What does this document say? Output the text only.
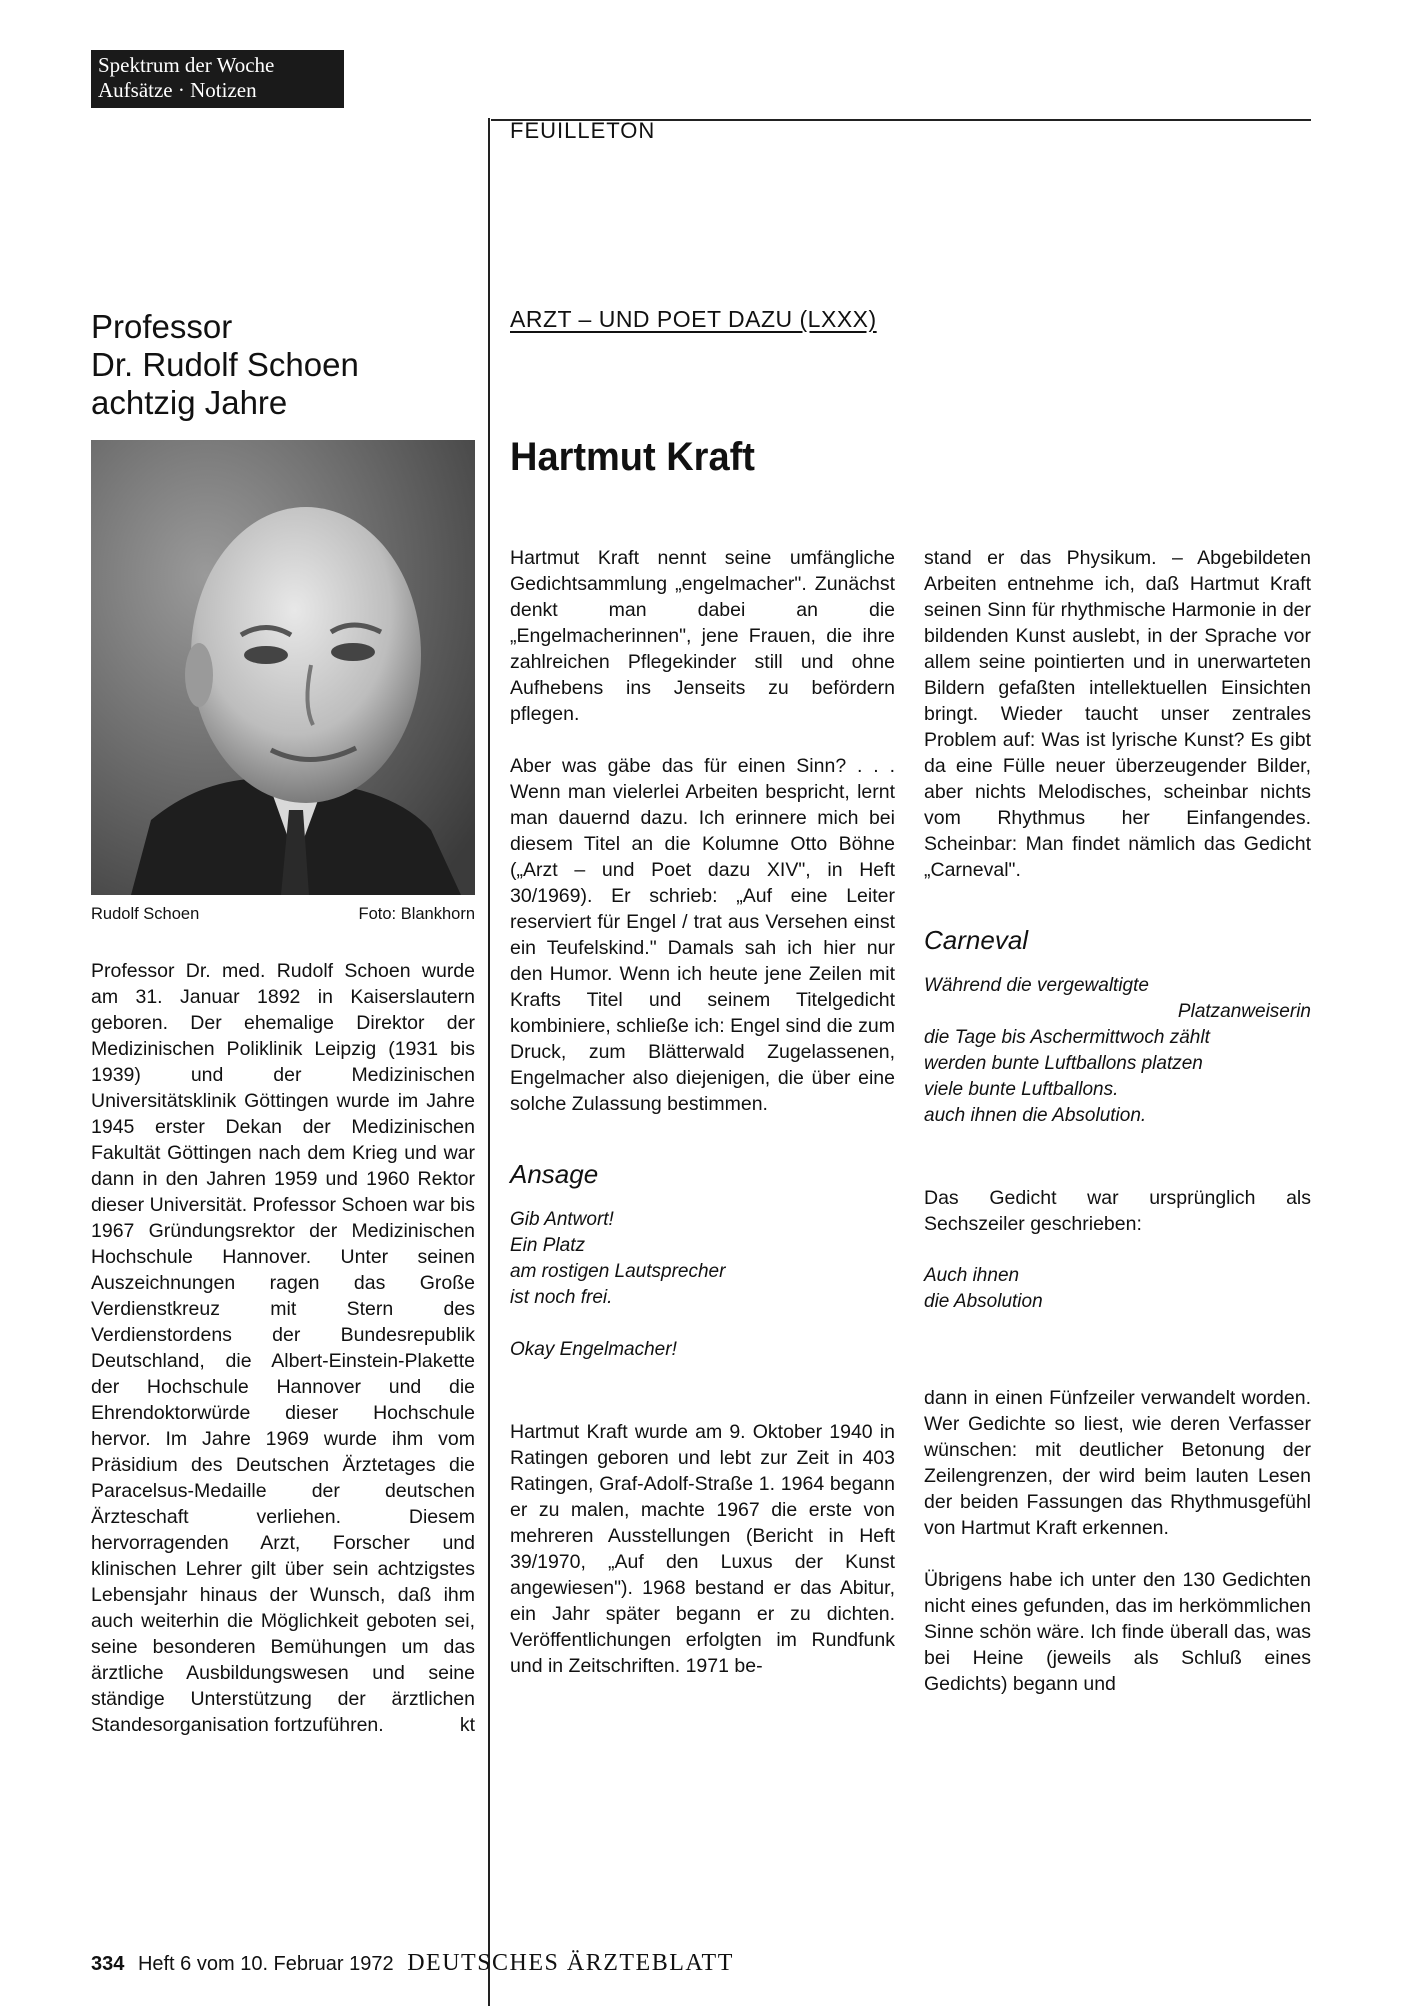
Spektrum der Woche
Aufsätze · Notizen
FEUILLETON
Professor
Dr. Rudolf Schoen
achtzig Jahre
Rudolf Schoen	Foto: Blankhorn

Professor Dr. med. Rudolf Schoen wurde am 31. Januar 1892 in Kaiserslautern geboren. Der ehemalige Direktor der Medizinischen Poliklinik Leipzig (1931 bis 1939) und der Medizinischen Universitätsklinik Göttingen wurde im Jahre 1945 erster Dekan der Medizinischen Fakultät Göttingen nach dem Krieg und war dann in den Jahren 1959 und 1960 Rektor dieser Universität. Professor Schoen war bis 1967 Gründungsrektor der Medizinischen Hochschule Hannover. Unter seinen Auszeichnungen ragen das Große Verdienstkreuz mit Stern des Verdienstordens der Bundesrepublik Deutschland, die Albert-Einstein-Plakette der Hochschule Hannover und die Ehrendoktorwürde dieser Hochschule hervor. Im Jahre 1969 wurde ihm vom Präsidium des Deutschen Ärztetages die Paracelsus-Medaille der deutschen Ärzteschaft verliehen. Diesem hervorragenden Arzt, Forscher und klinischen Lehrer gilt über sein achtzigstes Lebensjahr hinaus der Wunsch, daß ihm auch weiterhin die Möglichkeit geboten sei, seine besonderen Bemühungen um das ärztliche Ausbildungswesen und seine ständige Unterstützung der ärztlichen Standesorganisation fortzuführen.	kt

ARZT – UND POET DAZU (LXXX)
Hartmut Kraft

Hartmut Kraft nennt seine umfängliche Gedichtsammlung „engelmacher". Zunächst denkt man dabei an die „Engelmacherinnen", jene Frauen, die ihre zahlreichen Pflegekinder still und ohne Aufhebens ins Jenseits zu befördern pflegen.

Aber was gäbe das für einen Sinn? . . . Wenn man vielerlei Arbeiten bespricht, lernt man dauernd dazu. Ich erinnere mich bei diesem Titel an die Kolumne Otto Böhne („Arzt – und Poet dazu XIV", in Heft 30/1969). Er schrieb: „Auf eine Leiter reserviert für Engel / trat aus Versehen einst ein Teufelskind." Damals sah ich hier nur den Humor. Wenn ich heute jene Zeilen mit Krafts Titel und seinem Titelgedicht kombiniere, schließe ich: Engel sind die zum Druck, zum Blätterwald Zugelassenen, Engelmacher also diejenigen, die über eine solche Zulassung bestimmen.

Ansage
Gib Antwort!
Ein Platz
am rostigen Lautsprecher
ist noch frei.
Okay Engelmacher!

Hartmut Kraft wurde am 9. Oktober 1940 in Ratingen geboren und lebt zur Zeit in 403 Ratingen, Graf-Adolf-Straße 1. 1964 begann er zu malen, machte 1967 die erste von mehreren Ausstellungen (Bericht in Heft 39/1970, „Auf den Luxus der Kunst angewiesen"). 1968 bestand er das Abitur, ein Jahr später begann er zu dichten. Veröffentlichungen erfolgten im Rundfunk und in Zeitschriften. 1971 be-

stand er das Physikum. – Abgebildeten Arbeiten entnehme ich, daß Hartmut Kraft seinen Sinn für rhythmische Harmonie in der bildenden Kunst auslebt, in der Sprache vor allem seine pointierten und in unerwarteten Bildern gefaßten intellektuellen Einsichten bringt. Wieder taucht unser zentrales Problem auf: Was ist lyrische Kunst? Es gibt da eine Fülle neuer überzeugender Bilder, aber nichts Melodisches, scheinbar nichts vom Rhythmus her Einfangendes. Scheinbar: Man findet nämlich das Gedicht „Carneval".

Carneval
Während die vergewaltigte
Platzanweiserin
die Tage bis Aschermittwoch zählt
werden bunte Luftballons platzen
viele bunte Luftballons.
auch ihnen die Absolution.

Das Gedicht war ursprünglich als Sechszeiler geschrieben:

Auch ihnen
die Absolution

dann in einen Fünfzeiler verwandelt worden. Wer Gedichte so liest, wie deren Verfasser wünschen: mit deutlicher Betonung der Zeilengrenzen, der wird beim lauten Lesen der beiden Fassungen das Rhythmusgefühl von Hartmut Kraft erkennen.

Übrigens habe ich unter den 130 Gedichten nicht eines gefunden, das im herkömmlichen Sinne schön wäre. Ich finde überall das, was bei Heine (jeweils als Schluß eines Gedichts) begann und

334 Heft 6 vom 10. Februar 1972 DEUTSCHES ÄRZTEBLATT
